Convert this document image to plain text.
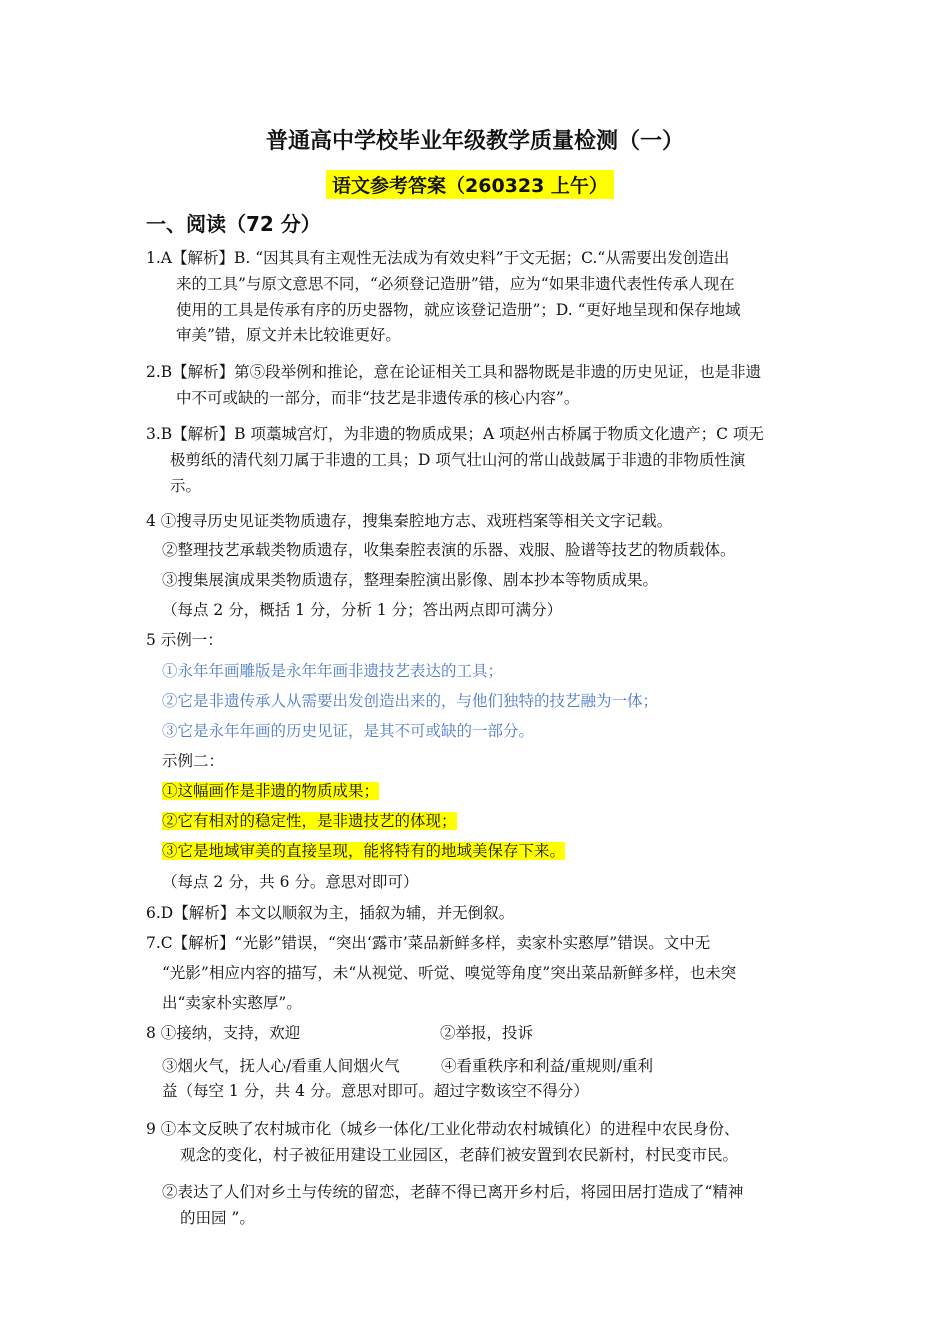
普通高中学校毕业年级教学质量检测（一）
语文参考答案（260323 上午）
一、阅读（72 分）
1.A【解析】B. “因其具有主观性无法成为有效史料”于文无据；C.“从需要出发创造出
来的工具”与原文意思不同，“必须登记造册”错，应为“如果非遗代表性传承人现在
使用的工具是传承有序的历史器物，就应该登记造册”；D. “更好地呈现和保存地域
审美”错，原文并未比较谁更好。
2.B【解析】第⑤段举例和推论，意在论证相关工具和器物既是非遗的历史见证，也是非遗
中不可或缺的一部分，而非“技艺是非遗传承的核心内容”。
3.B【解析】B 项藁城宫灯，为非遗的物质成果；A 项赵州古桥属于物质文化遗产；C 项无
极剪纸的清代刻刀属于非遗的工具；D 项气壮山河的常山战鼓属于非遗的非物质性演
示。
4 ①搜寻历史见证类物质遗存，搜集秦腔地方志、戏班档案等相关文字记载。
②整理技艺承载类物质遗存，收集秦腔表演的乐器、戏服、脸谱等技艺的物质载体。
③搜集展演成果类物质遗存，整理秦腔演出影像、剧本抄本等物质成果。
（每点 2 分，概括 1 分，分析 1 分；答出两点即可满分）
5 示例一：
①永年年画雕版是永年年画非遗技艺表达的工具；
②它是非遗传承人从需要出发创造出来的，与他们独特的技艺融为一体；
③它是永年年画的历史见证，是其不可或缺的一部分。
示例二：
①这幅画作是非遗的物质成果；
②它有相对的稳定性，是非遗技艺的体现；
③它是地域审美的直接呈现，能将特有的地域美保存下来。
（每点 2 分，共 6 分。意思对即可）
6.D【解析】本文以顺叙为主，插叙为辅，并无倒叙。
7.C【解析】“光影”错误，“突出‘露市’菜品新鲜多样，卖家朴实憨厚”错误。文中无
“光影”相应内容的描写，未“从视觉、听觉、嗅觉等角度”突出菜品新鲜多样，也未突
出“卖家朴实憨厚”。
8 ①接纳，支持，欢迎	②举报，投诉
③烟火气，抚人心/看重人间烟火气	④看重秩序和利益/重规则/重利
益（每空 1 分，共 4 分。意思对即可。超过字数该空不得分）
9 ①本文反映了农村城市化（城乡一体化/工业化带动农村城镇化）的进程中农民身份、
观念的变化，村子被征用建设工业园区，老薛们被安置到农民新村，村民变市民。
②表达了人们对乡土与传统的留恋，老薛不得已离开乡村后，将园田居打造成了“精神
的田园 ”。
